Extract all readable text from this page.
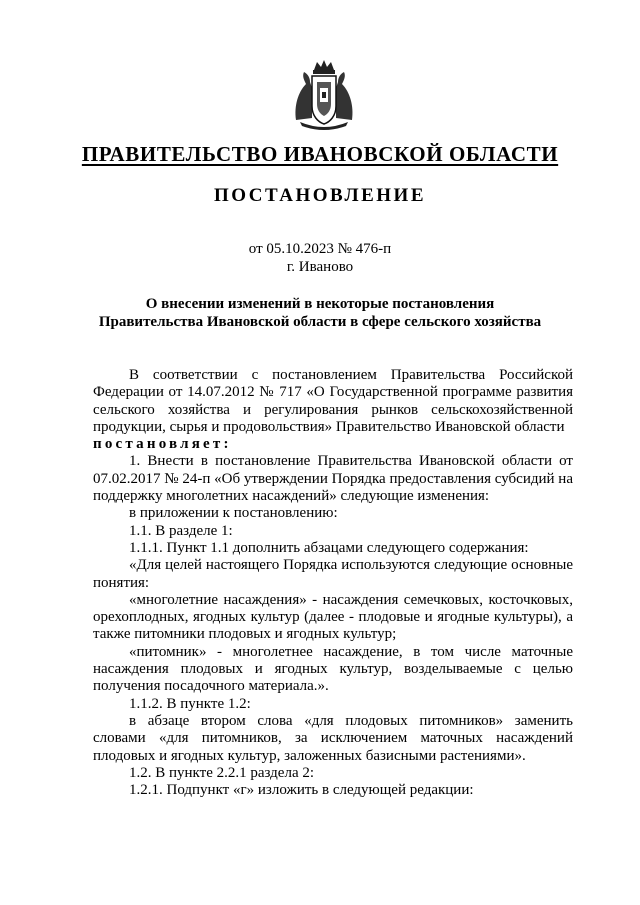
ПРАВИТЕЛЬСТВО ИВАНОВСКОЙ ОБЛАСТИ
ПОСТАНОВЛЕНИЕ
от 05.10.2023 № 476-п
г. Иваново
О внесении изменений в некоторые постановления
Правительства Ивановской области в сфере сельского хозяйства

В соответствии с постановлением Правительства Российской Федерации от 14.07.2012 № 717 «О Государственной программе развития сельского хозяйства и регулирования рынков сельскохозяйственной продукции, сырья и продовольствия» Правительство Ивановской области

постановляет:

1. Внести в постановление Правительства Ивановской области от 07.02.2017 № 24-п «Об утверждении Порядка предоставления субсидий на поддержку многолетних насаждений» следующие изменения:

в приложении к постановлению:

1.1. В разделе 1:

1.1.1. Пункт 1.1 дополнить абзацами следующего содержания:

«Для целей настоящего Порядка используются следующие основные понятия:

«многолетние насаждения» - насаждения семечковых, косточковых, орехоплодных, ягодных культур (далее - плодовые и ягодные культуры), а также питомники плодовых и ягодных культур;

«питомник» - многолетнее насаждение, в том числе маточные насаждения плодовых и ягодных культур, возделываемые с целью получения посадочного материала.».

1.1.2. В пункте 1.2:

в абзаце втором слова «для плодовых питомников» заменить словами «для питомников, за исключением маточных насаждений плодовых и ягодных культур, заложенных базисными растениями».

1.2. В пункте 2.2.1 раздела 2:

1.2.1. Подпункт «г» изложить в следующей редакции:
